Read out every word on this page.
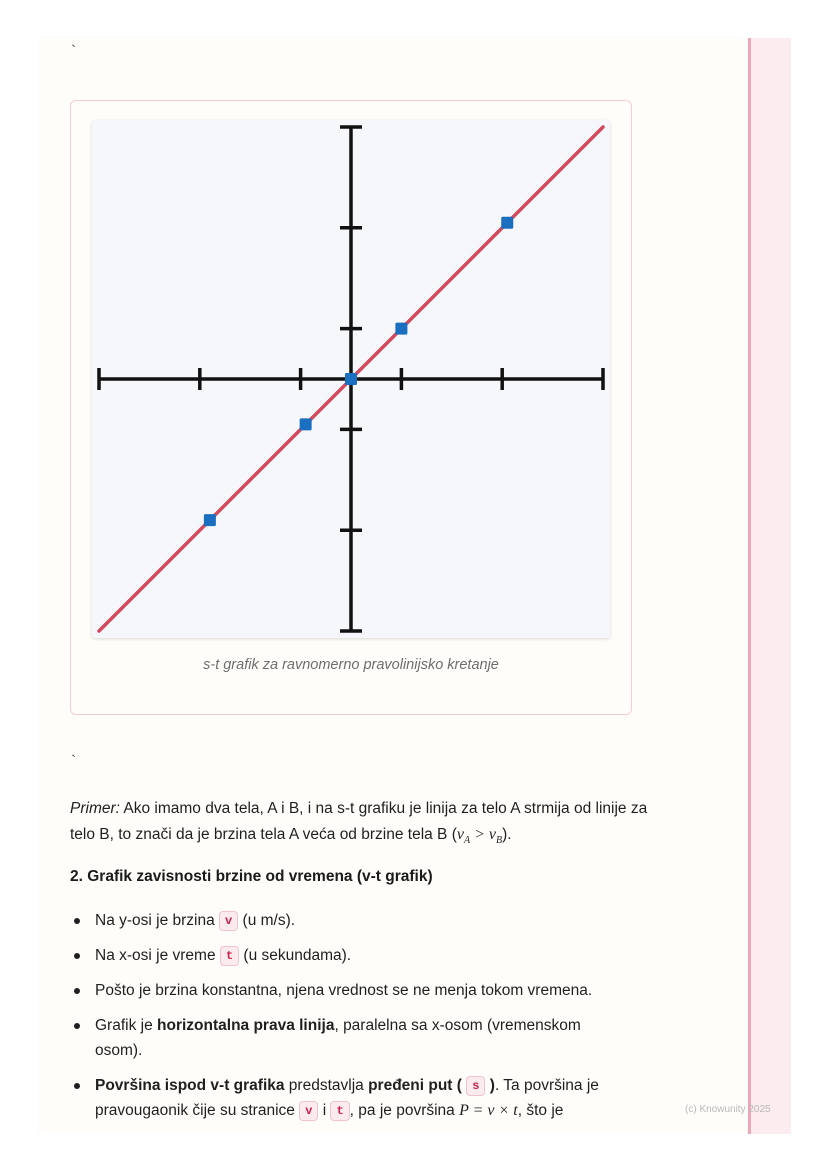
`
s-t grafik za ravnomerno pravolinijsko kretanje
`
Primer: Ako imamo dva tela, A i B, i na s-t grafiku je linija za telo A strmija od linije za telo B, to znači da je brzina tela A veća od brzine tela B $(v_A > v_B)$.
2. Grafik zavisnosti brzine od vremena (v-t grafik)
Na y-osi je brzina v (u m/s).
Na x-osi je vreme t (u sekundama).
Pošto je brzina konstantna, njena vrednost se ne menja tokom vremena.
Grafik je horizontalna prava linija, paralelna sa x-osom (vremenskom osom).
Površina ispod v-t grafika predstavlja pređeni put ( s ). Ta površina je pravougaonik čije su stranice v i t , pa je površina P = v × t, što je	(c) Knowunity 2025
